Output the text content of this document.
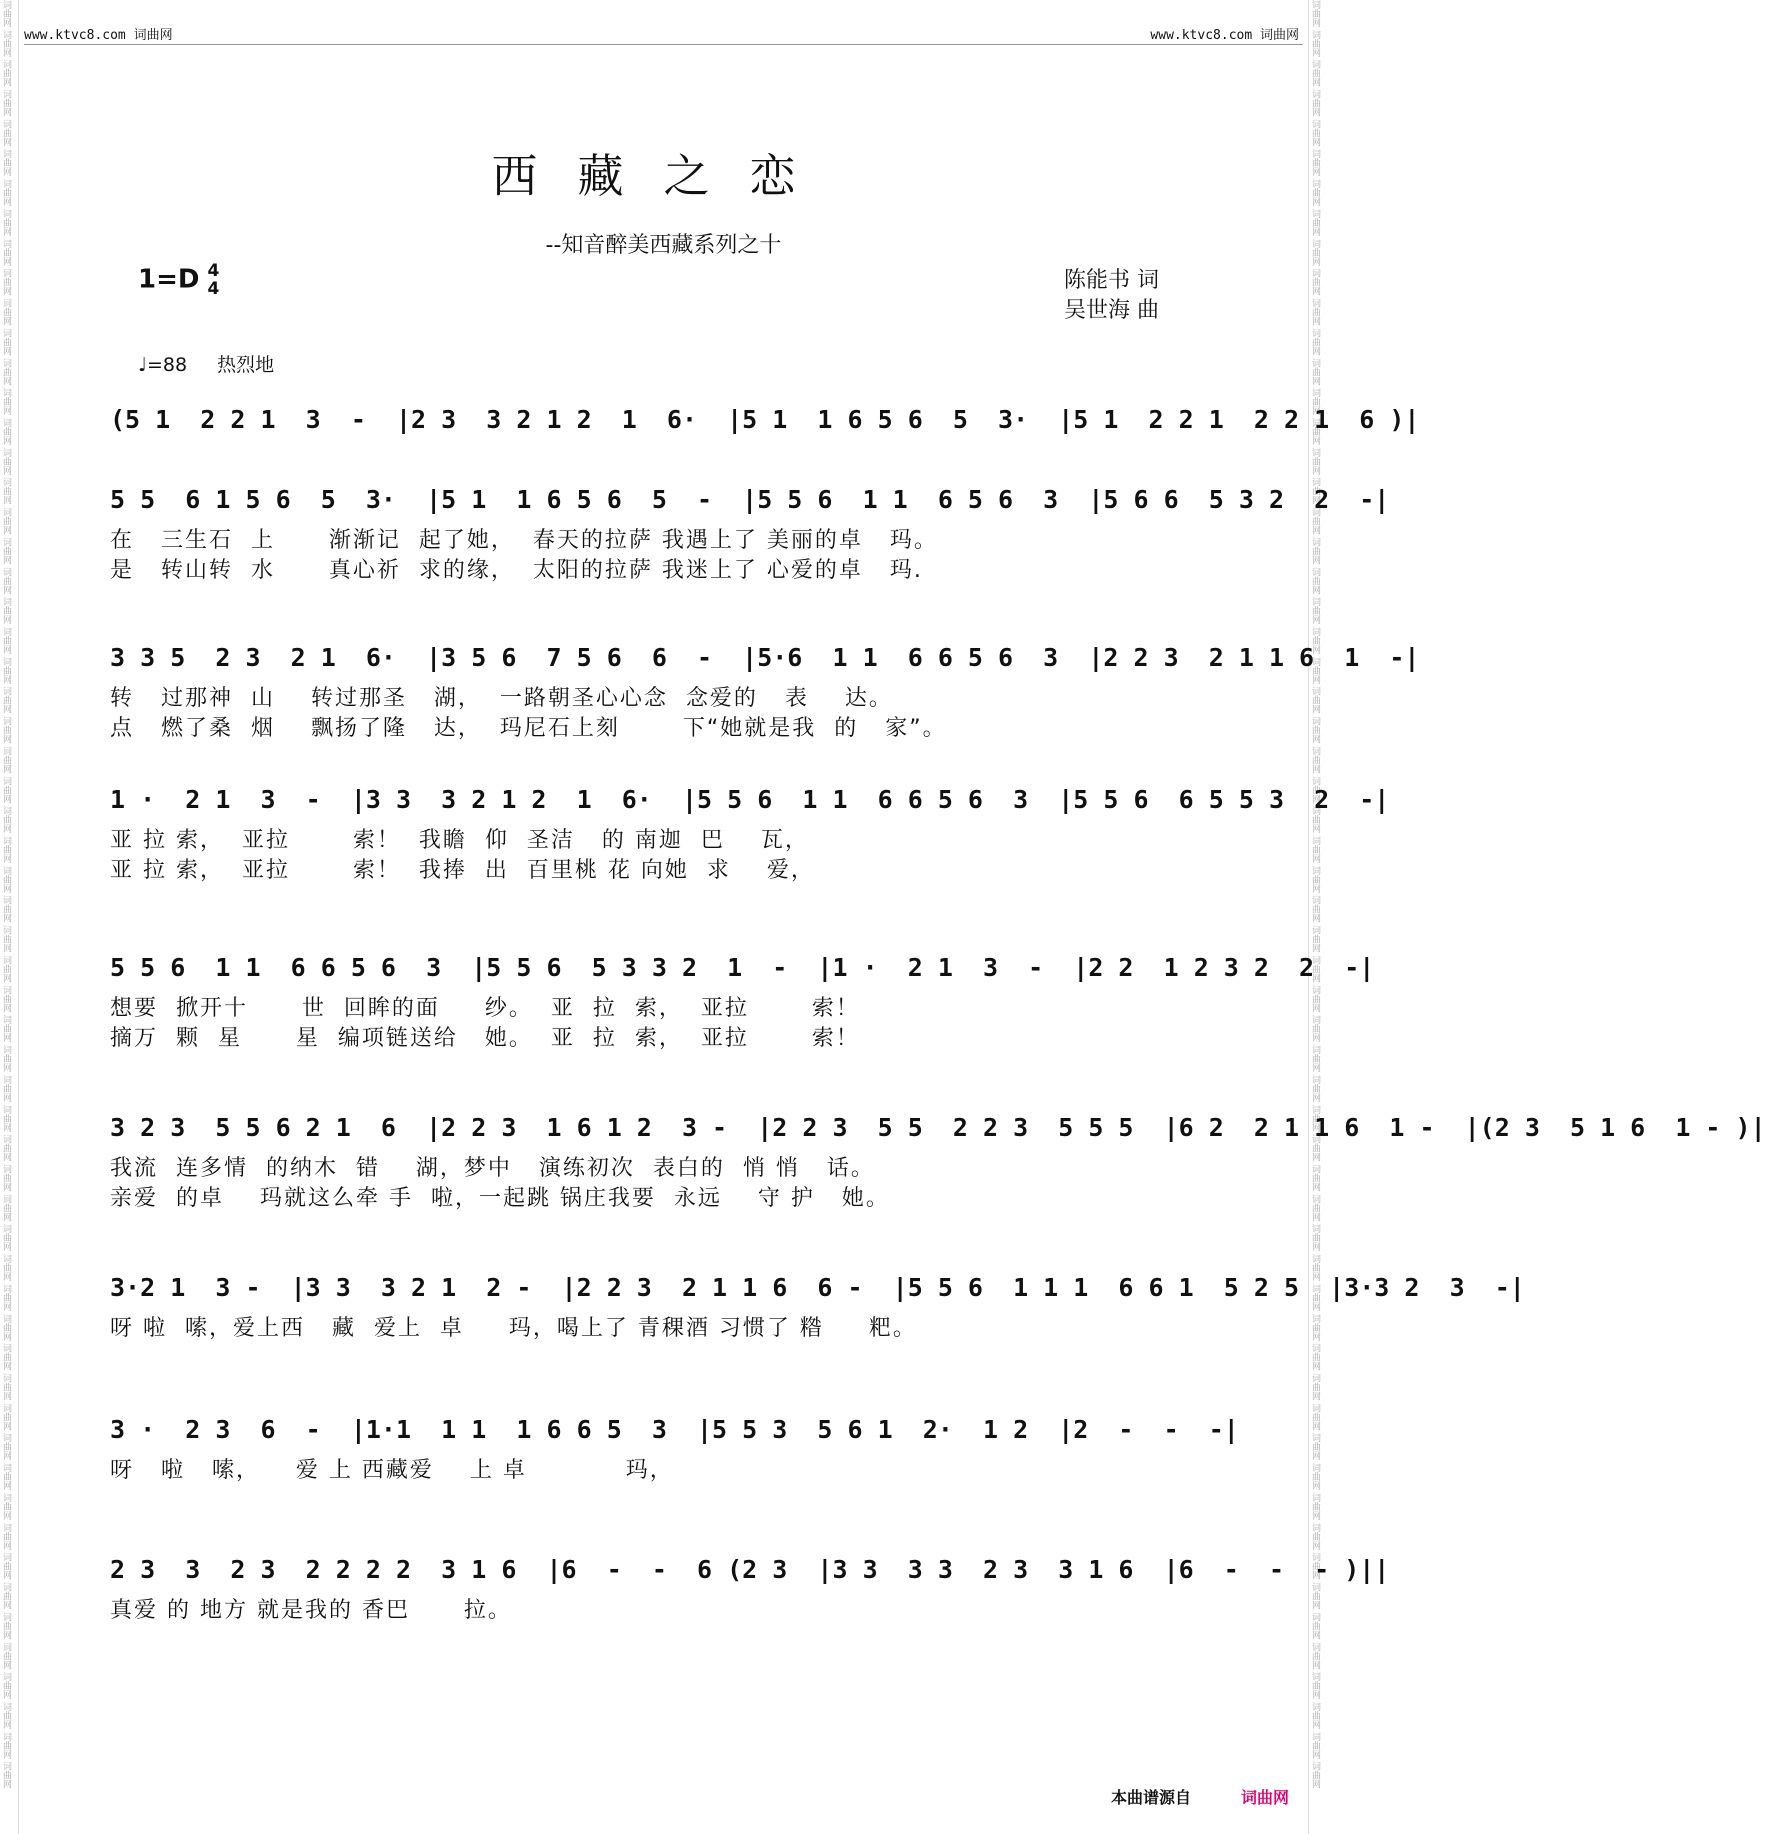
词曲网 词曲网 词曲网 词曲网 词曲网 词曲网 词曲网 词曲网 词曲网 词曲网 词曲网 词曲网 词曲网 词曲网 词曲网 词曲网 词曲网 词曲网 词曲网 词曲网 词曲网 词曲网 词曲网 词曲网 词曲网 词曲网 词曲网 词曲网 词曲网 词曲网 词曲网 词曲网 词曲网 词曲网 词曲网 词曲网 词曲网 词曲网 词曲网 词曲网 词曲网 词曲网 词曲网 词曲网 词曲网 词曲网 词曲网 词曲网 词曲网 词曲网 词曲网 词曲网 词曲网 词曲网 词曲网 词曲网 词曲网 词曲网 词曲网 词曲网	词曲网 词曲网 词曲网 词曲网 词曲网 词曲网 词曲网 词曲网 词曲网 词曲网 词曲网 词曲网 词曲网 词曲网 词曲网 词曲网 词曲网 词曲网 词曲网 词曲网 词曲网 词曲网 词曲网 词曲网 词曲网 词曲网 词曲网 词曲网 词曲网 词曲网 词曲网 词曲网 词曲网 词曲网 词曲网 词曲网 词曲网 词曲网 词曲网 词曲网 词曲网 词曲网 词曲网 词曲网 词曲网 词曲网 词曲网 词曲网 词曲网 词曲网 词曲网 词曲网 词曲网 词曲网 词曲网 词曲网 词曲网 词曲网 词曲网 词曲网
www.ktvc8.com 词曲网	www.ktvc8.com 词曲网
西藏之恋
--知音醉美西藏系列之十
1=D 4
4	陈能书 词
吴世海 曲
♩=88 热烈地
(5 1  2 2 1  3  -  |2 3  3 2 1 2  1  6·  |5 1  1 6 5 6  5  3·  |5 1  2 2 1  2 2 1  6 )|
5 5  6 1 5 6  5  3·  |5 1  1 6 5 6  5  -  |5 5 6  1 1  6 5 6  3  |5 6 6  5 3 2  2  -|
在   三生石  上      渐渐记  起了她，  春天的拉萨 我遇上了 美丽的卓   玛。
是   转山转  水      真心祈  求的缘，  太阳的拉萨 我迷上了 心爱的卓   玛.
3 3 5  2 3  2 1  6·  |3 5 6  7 5 6  6  -  |5·6  1 1  6 6 5 6  3  |2 2 3  2 1 1 6  1  -|
转   过那神  山    转过那圣   湖，  一路朝圣心心念  念爱的   表    达。
点   燃了桑  烟    飘扬了隆   达，  玛尼石上刻       下“她就是我  的   家”。
1 ·  2 1  3  -  |3 3  3 2 1 2  1  6·  |5 5 6  1 1  6 6 5 6  3  |5 5 6  6 5 5 3  2  -|
亚 拉 索，  亚拉       索！  我瞻  仰  圣洁   的 南迦  巴    瓦，
亚 拉 索，  亚拉       索！  我捧  出  百里桃 花 向她  求    爱，
5 5 6  1 1  6 6 5 6  3  |5 5 6  5 3 3 2  1  -  |1 ·  2 1  3  -  |2 2  1 2 3 2  2  -|
想要  掀开十      世  回眸的面     纱。  亚  拉  索，  亚拉       索！
摘万  颗  星      星  编项链送给   她。  亚  拉  索，  亚拉       索！
3 2 3  5 5 6 2 1  6  |2 2 3  1 6 1 2  3 -  |2 2 3  5 5  2 2 3  5 5 5  |6 2  2 1 1 6  1 -  |(2 3  5 1 6  1 - )|
我流  连多情  的纳木  错    湖，梦中   演练初次  表白的  悄 悄   话。
亲爱  的卓    玛就这么牵 手  啦，一起跳 锅庄我要  永远    守 护   她。
3·2 1  3 -  |3 3  3 2 1  2 -  |2 2 3  2 1 1 6  6 -  |5 5 6  1 1 1  6 6 1  5 2 5  |3·3 2  3  -|
呀 啦  嗦，爱上西   藏  爱上  卓     玛，喝上了 青稞酒 习惯了 糌     粑。
3 ·  2 3  6  -  |1·1  1 1  1 6 6 5  3  |5 5 3  5 6 1  2·  1 2  |2  -  -  -|
呀   啦   嗦，    爱 上 西藏爱    上 卓           玛，
2 3  3  2 3  2 2 2 2  3 1 6  |6  -  -  6 (2 3  |3 3  3 3  2 3  3 1 6  |6  -  -  - )||
真爱 的 地方 就是我的 香巴      拉。
本曲谱源自	词曲网
